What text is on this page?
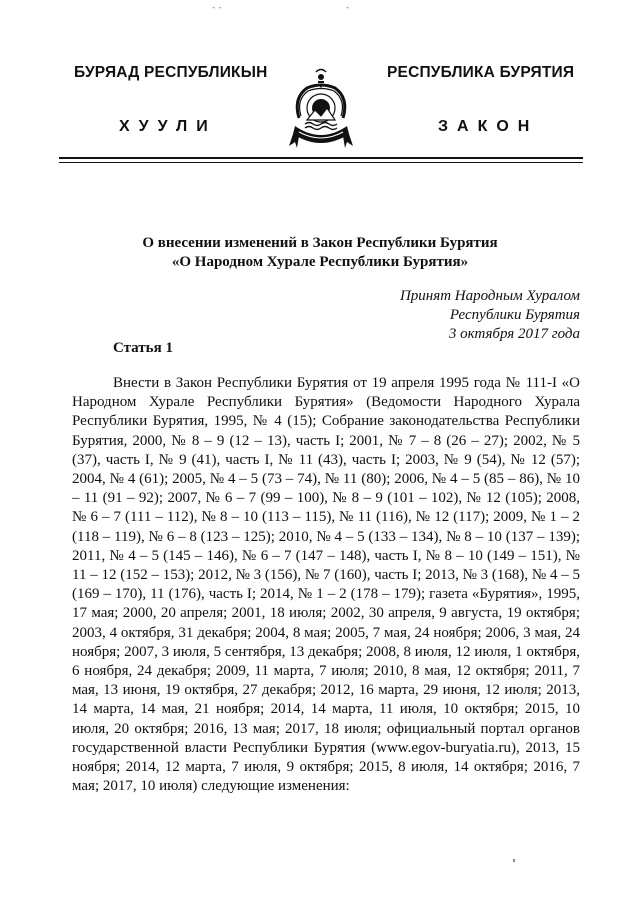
- -	-
БУРЯАД РЕСПУБЛИКЫН	РЕСПУБЛИКА БУРЯТИЯ
ХУУЛИ	ЗАКОН
О внесении изменений в Закон Республики Бурятия
«О Народном Хурале Республики Бурятия»
Принят Народным Хуралом
Республики Бурятия
3 октября 2017 года
Статья 1

Внести в Закон Республики Бурятия от 19 апреля 1995 года № 111-I «О Народном Хурале Республики Бурятия» (Ведомости Народного Хурала Республики Бурятия, 1995, № 4 (15); Собрание законодательства Республики Бурятия, 2000, № 8 – 9 (12 – 13), часть I; 2001, № 7 – 8 (26 – 27); 2002, № 5 (37), часть I, № 9 (41), часть I, № 11 (43), часть I; 2003, № 9 (54), № 12 (57); 2004, № 4 (61); 2005, № 4 – 5 (73 – 74), № 11 (80); 2006, № 4 – 5 (85 – 86), № 10 – 11 (91 – 92); 2007, № 6 – 7 (99 – 100), № 8 – 9 (101 – 102), № 12 (105); 2008, № 6 – 7 (111 – 112), № 8 – 10 (113 – 115), № 11 (116), № 12 (117); 2009, № 1 – 2 (118 – 119), № 6 – 8 (123 – 125); 2010, № 4 – 5 (133 – 134), № 8 – 10 (137 – 139); 2011, № 4 – 5 (145 – 146), № 6 – 7 (147 – 148), часть I, № 8 – 10 (149 – 151), № 11 – 12 (152 – 153); 2012, № 3 (156), № 7 (160), часть I; 2013, № 3 (168), № 4 – 5 (169 – 170), 11 (176), часть I; 2014, № 1 – 2 (178 – 179); газета «Бурятия», 1995, 17 мая; 2000, 20 апреля; 2001, 18 июля; 2002, 30 апреля, 9 августа, 19 октября; 2003, 4 октября, 31 декабря; 2004, 8 мая; 2005, 7 мая, 24 ноября; 2006, 3 мая, 24 ноября; 2007, 3 июля, 5 сентября, 13 декабря; 2008, 8 июля, 12 июля, 1 октября, 6 ноября, 24 декабря; 2009, 11 марта, 7 июля; 2010, 8 мая, 12 октября; 2011, 7 мая, 13 июня, 19 октября, 27 декабря; 2012, 16 марта, 29 июня, 12 июля; 2013, 14 марта, 14 мая, 21 ноября; 2014, 14 марта, 11 июля, 10 октября; 2015, 10 июля, 20 октября; 2016, 13 мая; 2017, 18 июля; официальный портал органов государственной власти Республики Бурятия (www.egov-buryatia.ru), 2013, 15 ноября; 2014, 12 марта, 7 июля, 9 октября; 2015, 8 июля, 14 октября; 2016, 7 мая; 2017, 10 июля) следующие изменения:
